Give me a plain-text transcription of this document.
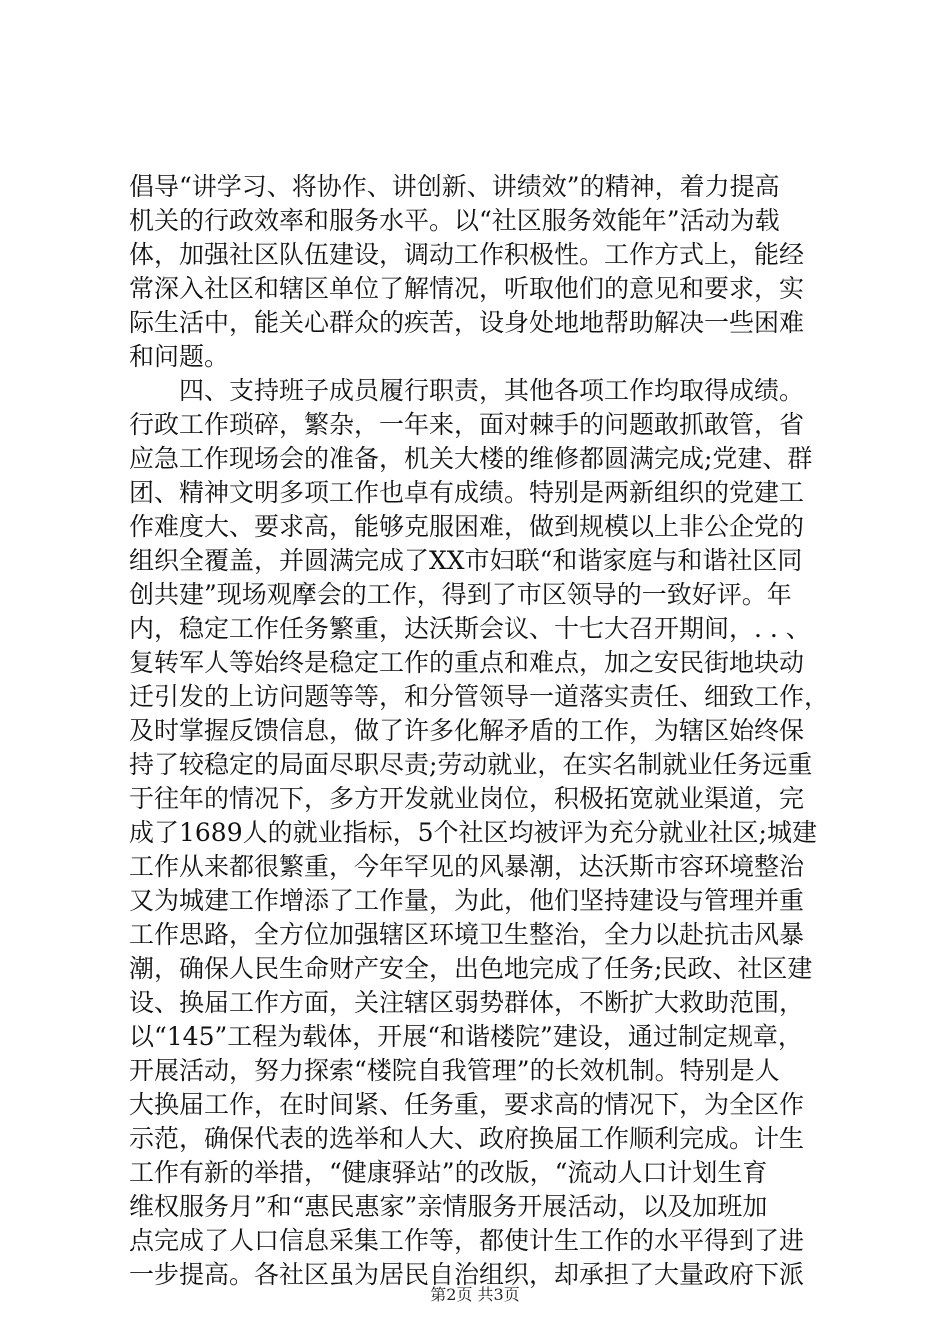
倡导“讲学习、将协作、讲创新、讲绩效”的精神，着力提高
机关的行政效率和服务水平。以“社区服务效能年”活动为载
体，加强社区队伍建设，调动工作积极性。工作方式上，能经
常深入社区和辖区单位了解情况，听取他们的意见和要求，实
际生活中，能关心群众的疾苦，设身处地地帮助解决一些困难
和问题。
　　四、支持班子成员履行职责，其他各项工作均取得成绩。
行政工作琐碎，繁杂，一年来，面对棘手的问题敢抓敢管，省
应急工作现场会的准备，机关大楼的维修都圆满完成;党建、群
团、精神文明多项工作也卓有成绩。特别是两新组织的党建工
作难度大、要求高，能够克服困难，做到规模以上非公企党的
组织全覆盖，并圆满完成了XX市妇联“和谐家庭与和谐社区同
创共建”现场观摩会的工作，得到了市区领导的一致好评。年
内，稳定工作任务繁重，达沃斯会议、十七大召开期间，. . 、
复转军人等始终是稳定工作的重点和难点，加之安民街地块动
迁引发的上访问题等等，和分管领导一道落实责任、细致工作，
及时掌握反馈信息，做了许多化解矛盾的工作，为辖区始终保
持了较稳定的局面尽职尽责;劳动就业，在实名制就业任务远重
于往年的情况下，多方开发就业岗位，积极拓宽就业渠道，完
成了1689人的就业指标，5个社区均被评为充分就业社区;城建
工作从来都很繁重，今年罕见的风暴潮，达沃斯市容环境整治
又为城建工作增添了工作量，为此，他们坚持建设与管理并重
工作思路，全方位加强辖区环境卫生整治，全力以赴抗击风暴
潮，确保人民生命财产安全，出色地完成了任务;民政、社区建
设、换届工作方面，关注辖区弱势群体，不断扩大救助范围，
以“145”工程为载体，开展“和谐楼院”建设，通过制定规章，
开展活动，努力探索“楼院自我管理”的长效机制。特别是人
大换届工作，在时间紧、任务重，要求高的情况下，为全区作
示范，确保代表的选举和人大、政府换届工作顺利完成。计生
工作有新的举措，“健康驿站”的改版，“流动人口计划生育
维权服务月”和“惠民惠家”亲情服务开展活动，以及加班加
点完成了人口信息采集工作等，都使计生工作的水平得到了进
一步提高。各社区虽为居民自治组织，却承担了大量政府下派
第2页 共3页
